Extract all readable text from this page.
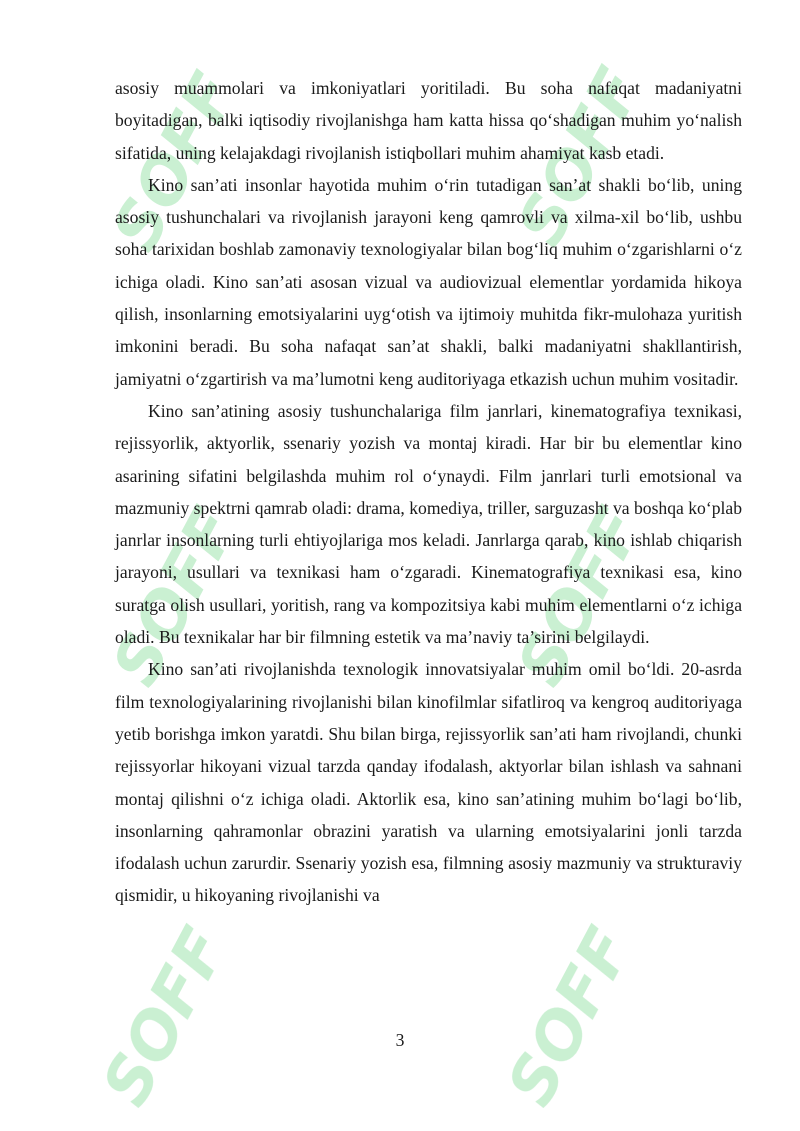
SOFF
SOFF
SOFF
SOFF
SOFF
SOFF

asosiy muammolari va imkoniyatlari yoritiladi. Bu soha nafaqat madaniyatni boyitadigan, balki iqtisodiy rivojlanishga ham katta hissa qo‘shadigan muhim yo‘nalish sifatida, uning kelajakdagi rivojlanish istiqbollari muhim ahamiyat kasb etadi.

Kino san’ati insonlar hayotida muhim o‘rin tutadigan san’at shakli bo‘lib, uning asosiy tushunchalari va rivojlanish jarayoni keng qamrovli va xilma-xil bo‘lib, ushbu soha tarixidan boshlab zamonaviy texnologiyalar bilan bog‘liq muhim o‘zgarishlarni o‘z ichiga oladi. Kino san’ati asosan vizual va audiovizual elementlar yordamida hikoya qilish, insonlarning emotsiyalarini uyg‘otish va ijtimoiy muhitda fikr-mulohaza yuritish imkonini beradi. Bu soha nafaqat san’at shakli, balki madaniyatni shakllantirish, jamiyatni o‘zgartirish va ma’lumotni keng auditoriyaga etkazish uchun muhim vositadir.

Kino san’atining asosiy tushunchalariga film janrlari, kinematografiya texnikasi, rejissyorlik, aktyorlik, ssenariy yozish va montaj kiradi. Har bir bu elementlar kino asarining sifatini belgilashda muhim rol o‘ynaydi. Film janrlari turli emotsional va mazmuniy spektrni qamrab oladi: drama, komediya, triller, sarguzasht va boshqa ko‘plab janrlar insonlarning turli ehtiyojlariga mos keladi. Janrlarga qarab, kino ishlab chiqarish jarayoni, usullari va texnikasi ham o‘zgaradi. Kinematografiya texnikasi esa, kino suratga olish usullari, yoritish, rang va kompozitsiya kabi muhim elementlarni o‘z ichiga oladi. Bu texnikalar har bir filmning estetik va ma’naviy ta’sirini belgilaydi.

Kino san’ati rivojlanishda texnologik innovatsiyalar muhim omil bo‘ldi. 20-asrda film texnologiyalarining rivojlanishi bilan kinofilmlar sifatliroq va kengroq auditoriyaga yetib borishga imkon yaratdi. Shu bilan birga, rejissyorlik san’ati ham rivojlandi, chunki rejissyorlar hikoyani vizual tarzda qanday ifodalash, aktyorlar bilan ishlash va sahnani montaj qilishni o‘z ichiga oladi. Aktorlik esa, kino san’atining muhim bo‘lagi bo‘lib, insonlarning qahramonlar obrazini yaratish va ularning emotsiyalarini jonli tarzda ifodalash uchun zarurdir. Ssenariy yozish esa, filmning asosiy mazmuniy va strukturaviy qismidir, u hikoyaning rivojlanishi va

3
